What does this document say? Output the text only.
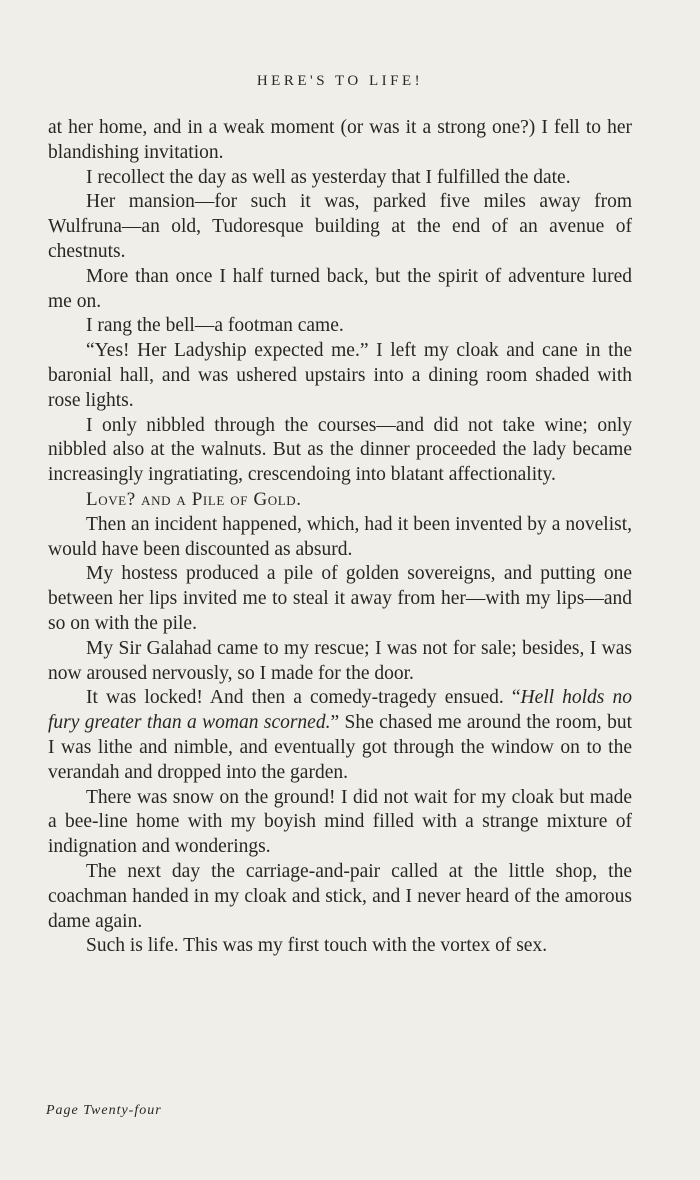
HERE'S TO LIFE!

at her home, and in a weak moment (or was it a strong one?) I fell to her blandishing invitation.

I recollect the day as well as yesterday that I fulfilled the date.

Her mansion—for such it was, parked five miles away from Wulfruna—an old, Tudoresque building at the end of an avenue of chestnuts.

More than once I half turned back, but the spirit of adventure lured me on.

I rang the bell—a footman came.

“Yes! Her Ladyship expected me.” I left my cloak and cane in the baronial hall, and was ushered upstairs into a dining room shaded with rose lights.

I only nibbled through the courses—and did not take wine; only nibbled also at the walnuts. But as the dinner proceeded the lady became increasingly ingratiating, crescendoing into blatant affectionality.

Love? and a Pile of Gold.

Then an incident happened, which, had it been invented by a novelist, would have been discounted as absurd.

My hostess produced a pile of golden sovereigns, and putting one between her lips invited me to steal it away from her—with my lips—and so on with the pile.

My Sir Galahad came to my rescue; I was not for sale; besides, I was now aroused nervously, so I made for the door.

It was locked! And then a comedy-tragedy ensued. “Hell holds no fury greater than a woman scorned.” She chased me around the room, but I was lithe and nimble, and eventually got through the window on to the verandah and dropped into the garden.

There was snow on the ground! I did not wait for my cloak but made a bee-line home with my boyish mind filled with a strange mixture of indignation and wonderings.

The next day the carriage-and-pair called at the little shop, the coachman handed in my cloak and stick, and I never heard of the amorous dame again.

Such is life. This was my first touch with the vortex of sex.

Page Twenty-four
